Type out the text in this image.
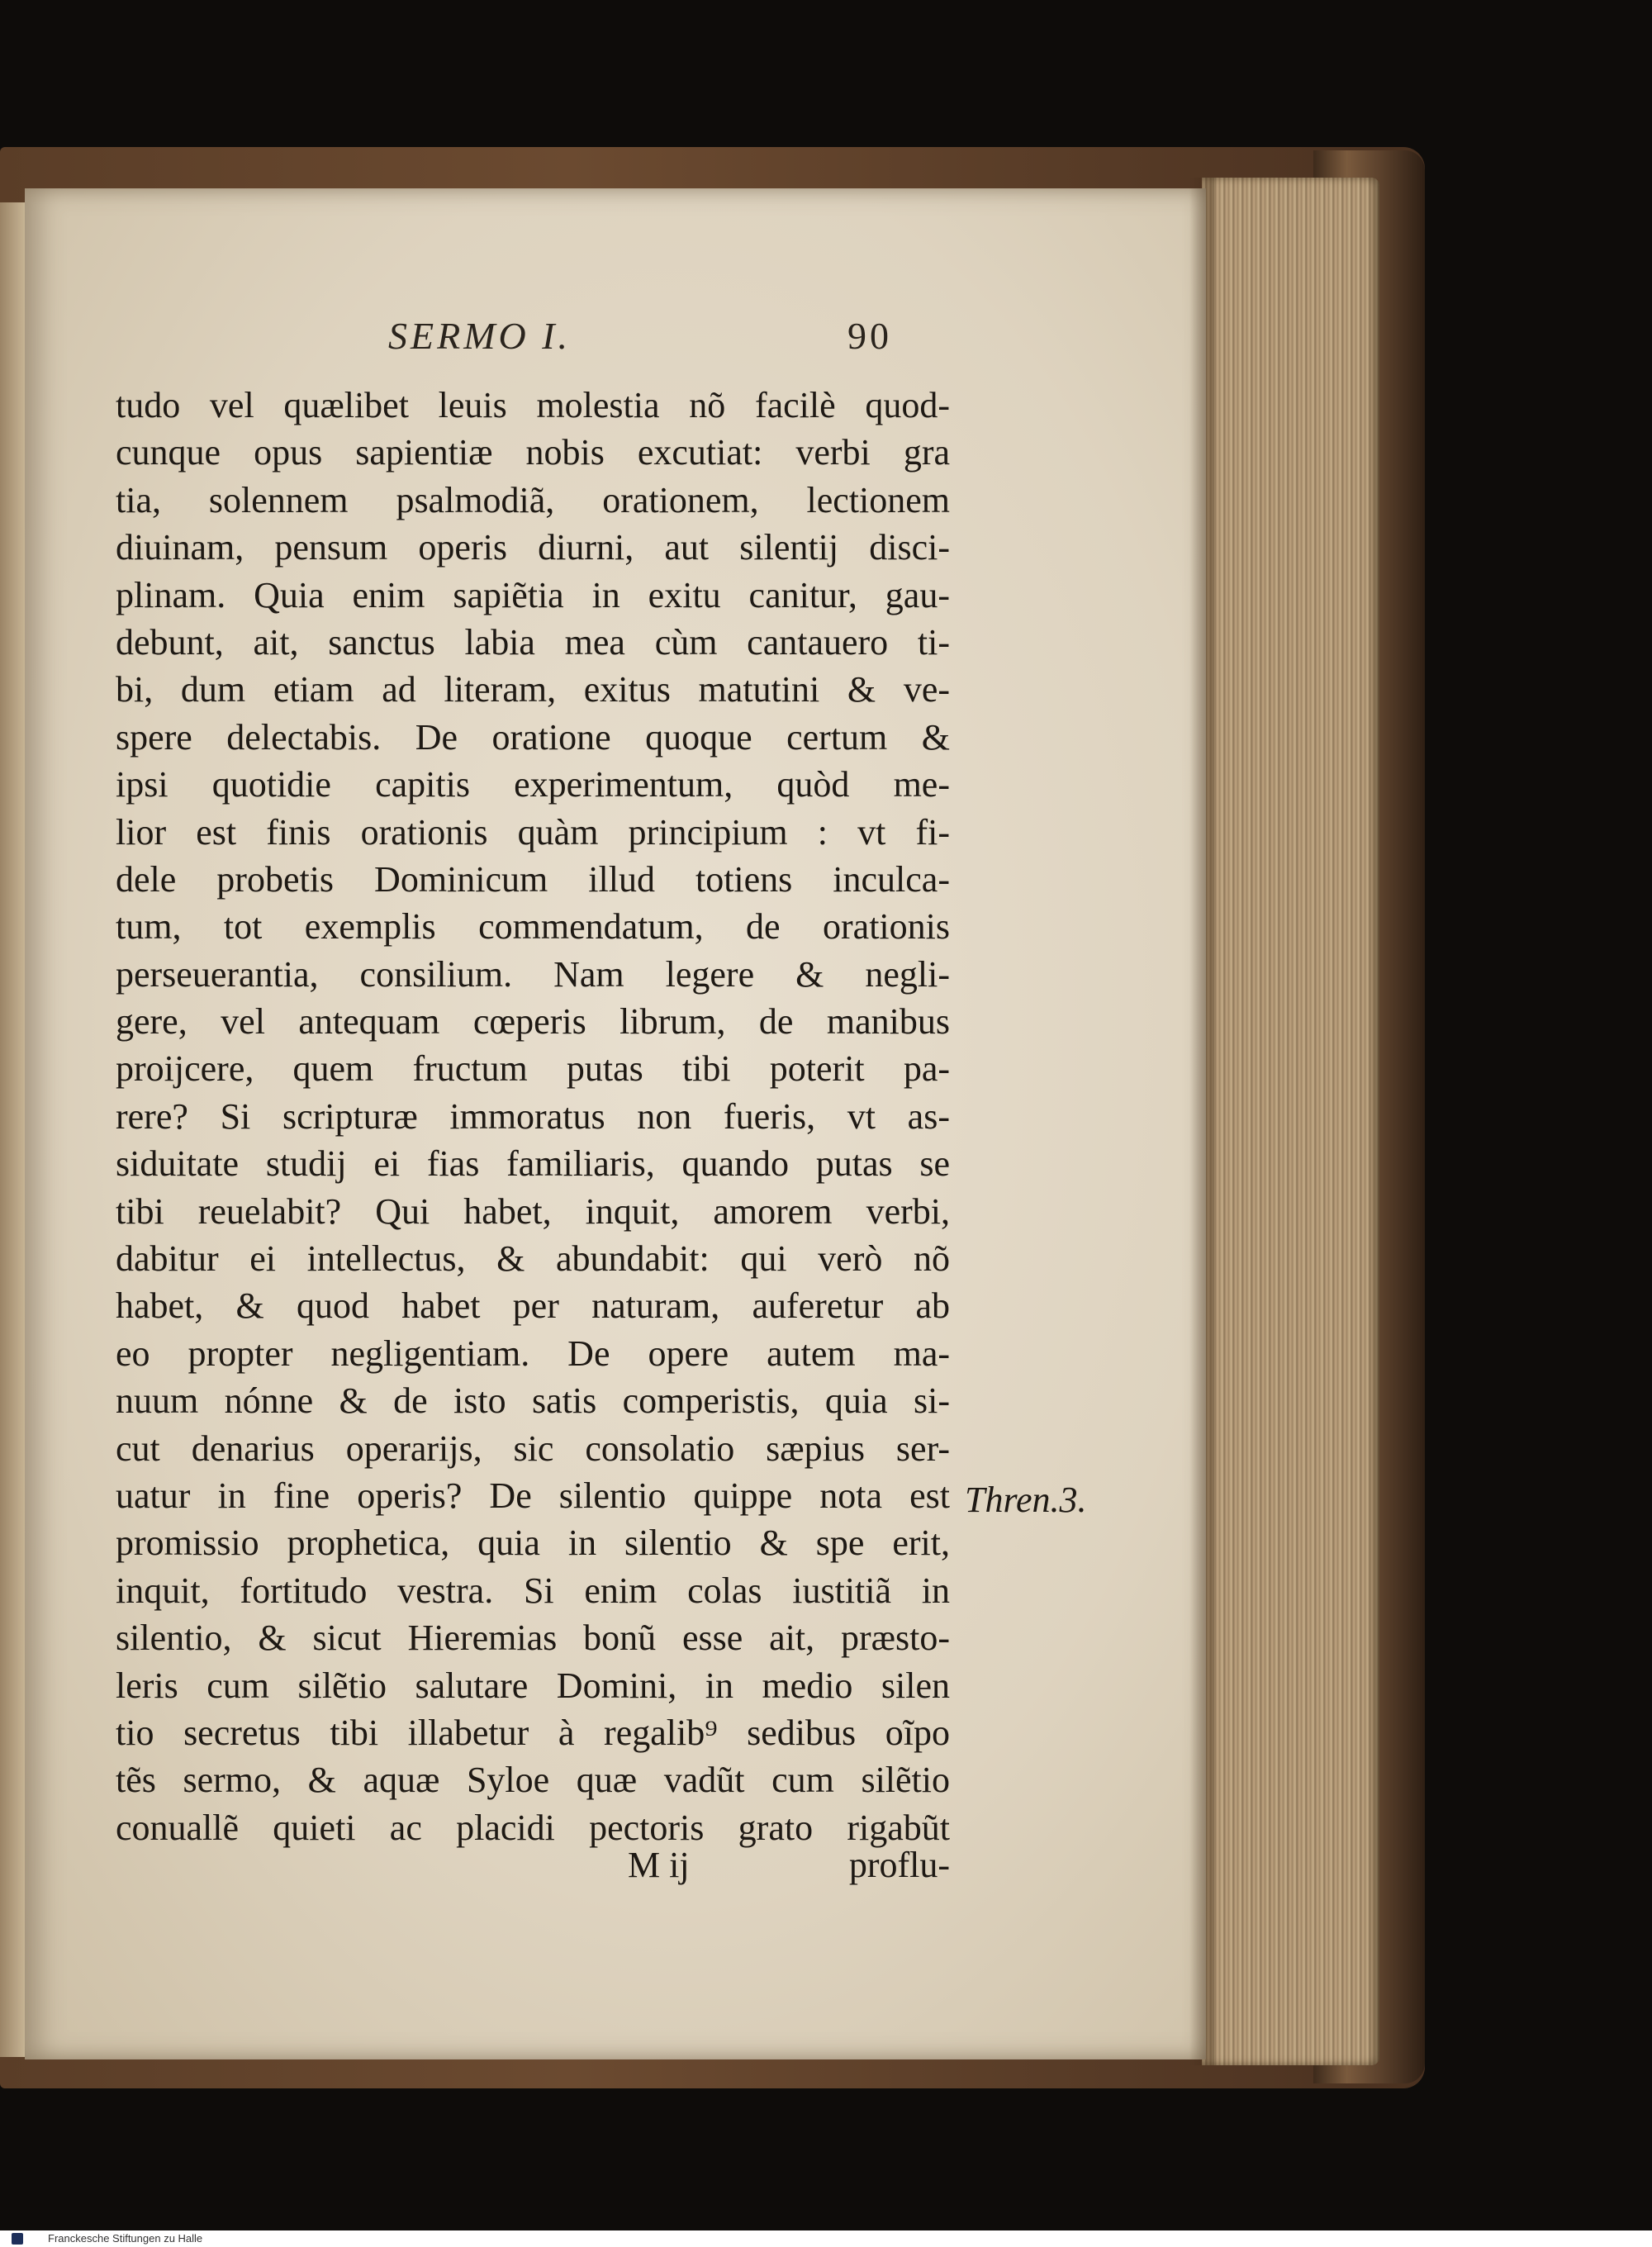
SERMO I.	90
tudo vel quælibet leuis molestia nõ facilè quod-
cunque opus sapientiæ nobis excutiat: verbi gra
tia, solennem psalmodiã, orationem, lectionem
diuinam, pensum operis diurni, aut silentij disci-
plinam. Quia enim sapiẽtia in exitu canitur, gau-
debunt, ait, sanctus labia mea cùm cantauero ti-
bi, dum etiam ad literam, exitus matutini & ve-
spere delectabis. De oratione quoque certum &
ipsi quotidie capitis experimentum, quòd me-
lior est finis orationis quàm principium : vt fi-
dele probetis Dominicum illud totiens inculca-
tum, tot exemplis commendatum, de orationis
perseuerantia, consilium. Nam legere & negli-
gere, vel antequam cœperis librum, de manibus
proijcere, quem fructum putas tibi poterit pa-
rere? Si scripturæ immoratus non fueris, vt as-
siduitate studij ei fias familiaris, quando putas se
tibi reuelabit? Qui habet, inquit, amorem verbi,
dabitur ei intellectus, & abundabit: qui verò nõ
habet, & quod habet per naturam, auferetur ab
eo propter negligentiam. De opere autem ma-
nuum nónne & de isto satis comperistis, quia si-
cut denarius operarijs, sic consolatio sæpius ser-
uatur in fine operis? De silentio quippe nota est
promissio prophetica, quia in silentio & spe erit,
inquit, fortitudo vestra. Si enim colas iustitiã in
silentio, & sicut Hieremias bonũ esse ait, præsto-
leris cum silẽtio salutare Domini, in medio silen
tio secretus tibi illabetur à regalib⁹ sedibus oĩpo
tẽs sermo, & aquæ Syloe quæ vadũt cum silẽtio
conuallẽ quieti ac placidi pectoris grato rigabũt
Thren.3.
M ij	proflu-
Franckesche Stiftungen zu Halle
